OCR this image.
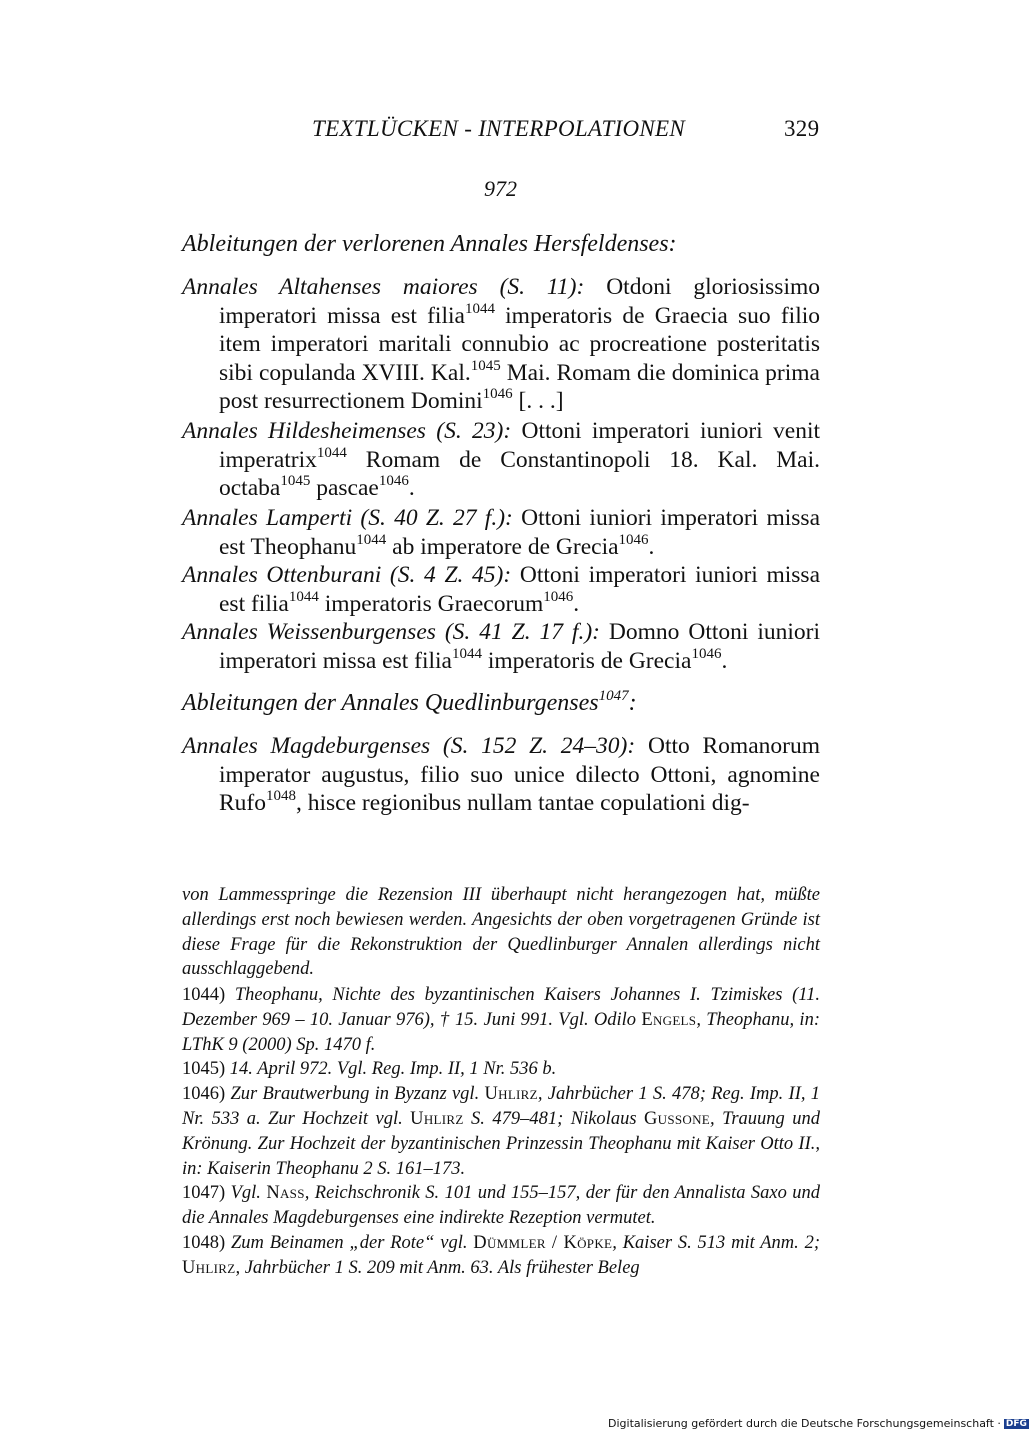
TEXTLÜCKEN - INTERPOLATIONEN	329
972
Ableitungen der verlorenen Annales Hersfeldenses:
Annales Altahenses maiores (S. 11): Otdoni gloriosissimo imperatori missa est filia$^{1044}$ imperatoris de Graecia suo filio item imperatori maritali connubio ac procreatione posteritatis sibi copulanda XVIII. Kal.$^{1045}$ Mai. Romam die dominica prima post resurrectionem Domini$^{1046}$ [. . .]
Annales Hildesheimenses (S. 23): Ottoni imperatori iuniori venit imperatrix$^{1044}$ Romam de Constantinopoli 18. Kal. Mai. octaba$^{1045}$ pascae$^{1046}$.
Annales Lamperti (S. 40 Z. 27 f.): Ottoni iuniori imperatori missa est Theophanu$^{1044}$ ab imperatore de Grecia$^{1046}$.
Annales Ottenburani (S. 4 Z. 45): Ottoni imperatori iuniori missa est filia$^{1044}$ imperatoris Graecorum$^{1046}$.
Annales Weissenburgenses (S. 41 Z. 17 f.): Domno Ottoni iuniori imperatori missa est filia$^{1044}$ imperatoris de Grecia$^{1046}$.
Ableitungen der Annales Quedlinburgenses$^{1047}$:
Annales Magdeburgenses (S. 152 Z. 24–30): Otto Romanorum imperator augustus, filio suo unice dilecto Ottoni, agnomine Rufo$^{1048}$, hisce regionibus nullam tantae copulationi dig-
von Lammesspringe die Rezension III überhaupt nicht herangezogen hat, müßte allerdings erst noch bewiesen werden. Angesichts der oben vorgetragenen Gründe ist diese Frage für die Rekonstruktion der Quedlinburger Annalen allerdings nicht ausschlaggebend.

1044) Theophanu, Nichte des byzantinischen Kaisers Johannes I. Tzimiskes (11. Dezember 969 – 10. Januar 976), † 15. Juni 991. Vgl. Odilo Engels, Theophanu, in: LThK 9 (2000) Sp. 1470 f.

1045) 14. April 972. Vgl. Reg. Imp. II, 1 Nr. 536 b.

1046) Zur Brautwerbung in Byzanz vgl. Uhlirz, Jahrbücher 1 S. 478; Reg. Imp. II, 1 Nr. 533 a. Zur Hochzeit vgl. Uhlirz S. 479–481; Nikolaus Gussone, Trauung und Krönung. Zur Hochzeit der byzantinischen Prinzessin Theophanu mit Kaiser Otto II., in: Kaiserin Theophanu 2 S. 161–173.

1047) Vgl. Nass, Reichschronik S. 101 und 155–157, der für den Annalista Saxo und die Annales Magdeburgenses eine indirekte Rezeption vermutet.

1048) Zum Beinamen „der Rote“ vgl. Dümmler / Köpke, Kaiser S. 513 mit Anm. 2; Uhlirz, Jahrbücher 1 S. 209 mit Anm. 63. Als frühester Beleg

Digitalisierung gefördert durch die Deutsche Forschungsgemeinschaft · DFG
